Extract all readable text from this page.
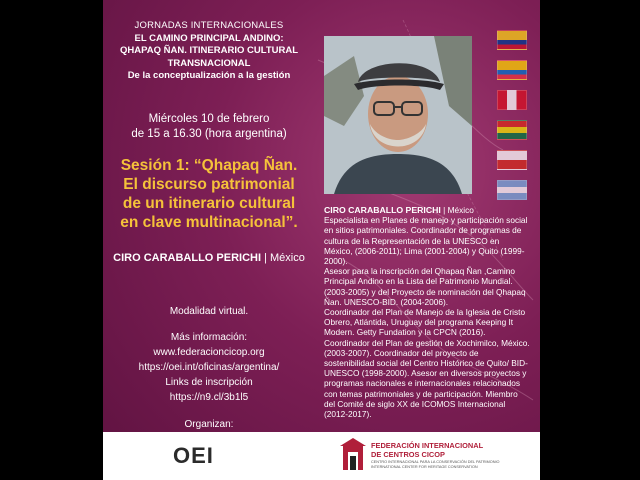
JORNADAS INTERNACIONALES
EL CAMINO PRINCIPAL ANDINO:
QHAPAQ ÑAN. ITINERARIO CULTURAL
TRANSNACIONAL
De la conceptualización a la gestión
Miércoles 10 de febrero
de 15 a 16.30 (hora argentina)
Sesión 1: “Qhapaq Ñan.
El discurso patrimonial
de un itinerario cultural
en clave multinacional”.
CIRO CARABALLO PERICHI | México
Modalidad virtual.
Más información:
www.federacioncicop.org
https://oei.int/oficinas/argentina/
Links de inscripción
https://n9.cl/3b1l5
Organizan:

CIRO CARABALLO PERICHI | México

Especialista en Planes de manejo y participación social en sitios patrimoniales. Coordinador de programas de cultura de la Representación de la UNESCO en México, (2006-2011); Lima (2001-2004) y Quito (1999-2000).

Asesor para la inscripción del Qhapaq Ñan ,Camino Principal Andino en la Lista del Patrimonio Mundial. (2003-2005) y del Proyecto de nominación del Qhapaq Ñan. UNESCO-BID. (2004-2006).

Coordinador del Plan de Manejo de la Iglesia de Cristo Obrero, Atlántida, Uruguay del programa Keeping It Modern. Getty Fundation y la CPCN (2016). Coordinador del Plan de gestión de Xochimilco, México. (2003-2007). Coordinador del proyecto de sostenibilidad social del Centro Histórico de Quito/ BID-UNESCO (1998-2000). Asesor en diversos proyectos y programas nacionales e internacionales relacionados con temas patrimoniales y de participación. Miembro del Comité de siglo XX de ICOMOS Internacional (2012-2017).

OEI	FEDERACIÓN INTERNACIONAL
DE CENTROS CICOP
CENTRO INTERNACIONAL PARA LA CONSERVACIÓN DEL PATRIMONIO
INTERNATIONAL CENTER FOR HERITAGE CONSERVATION
